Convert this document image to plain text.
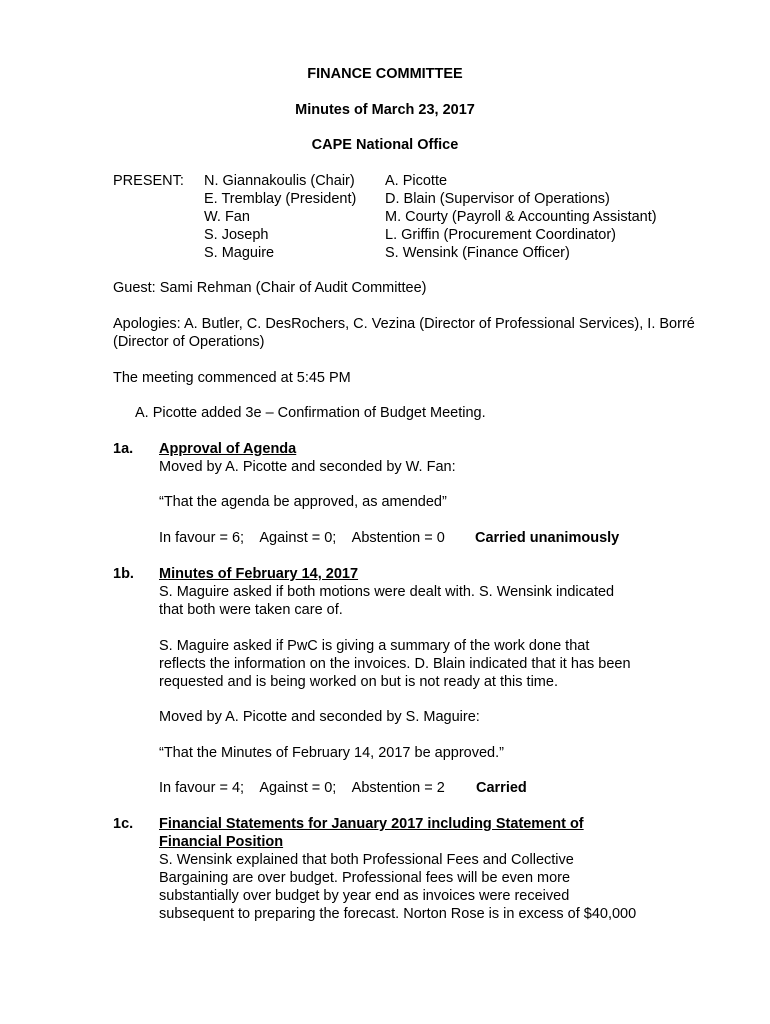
FINANCE COMMITTEE
Minutes of March 23, 2017
CAPE National Office
PRESENT: N. Giannakoulis (Chair)
E. Tremblay (President)
W. Fan
S. Joseph
S. Maguire
A. Picotte
D. Blain (Supervisor of Operations)
M. Courty (Payroll & Accounting Assistant)
L. Griffin (Procurement Coordinator)
S. Wensink (Finance Officer)
Guest: Sami Rehman (Chair of Audit Committee)
Apologies: A. Butler, C. DesRochers, C. Vezina (Director of Professional Services), I. Borré
(Director of Operations)
The meeting commenced at 5:45 PM
A. Picotte added 3e – Confirmation of Budget Meeting.
1a. Approval of Agenda
Moved by A. Picotte and seconded by W. Fan:
“That the agenda be approved, as amended”
In favour = 6;    Against = 0;    Abstention = 0 Carried unanimously
1b. Minutes of February 14, 2017
S. Maguire asked if both motions were dealt with. S. Wensink indicated
that both were taken care of.
S. Maguire asked if PwC is giving a summary of the work done that
reflects the information on the invoices. D. Blain indicated that it has been
requested and is being worked on but is not ready at this time.
Moved by A. Picotte and seconded by S. Maguire:
“That the Minutes of February 14, 2017 be approved.”
In favour = 4;    Against = 0;    Abstention = 2 Carried
1c. Financial Statements for January 2017 including Statement of
Financial Position
S. Wensink explained that both Professional Fees and Collective
Bargaining are over budget. Professional fees will be even more
substantially over budget by year end as invoices were received
subsequent to preparing the forecast. Norton Rose is in excess of $40,000
